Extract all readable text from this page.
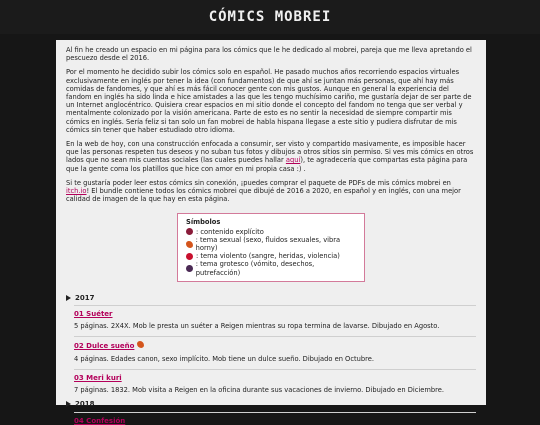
CÓMICS MOBREI

Al fin he creado un espacio en mi página para los cómics que le he dedicado al mobrei, pareja que me lleva apretando el pescuezo desde el 2016.

Por el momento he decidido subir los cómics solo en español. He pasado muchos años recorriendo espacios virtuales exclusivamente en inglés por tener la idea (con fundamentos) de que ahí se juntan más personas, que ahí hay más comidas de fandomes, y que ahí es más fácil conocer gente con mis gustos. Aunque en general la experiencia del fandom en inglés ha sido linda e hice amistades a las que les tengo muchísimo cariño, me gustaría dejar de ser parte de un Internet anglocéntrico. Quisiera crear espacios en mi sitio donde el concepto del fandom no tenga que ser verbal y mentalmente colonizado por la visión americana. Parte de esto es no sentir la necesidad de siempre compartir mis cómics en inglés. Sería feliz si tan solo un fan mobrei de habla hispana llegase a este sitio y pudiera disfrutar de mis cómics sin tener que haber estudiado otro idioma.

En la web de hoy, con una construcción enfocada a consumir, ser visto y compartido masivamente, es imposible hacer que las personas respeten tus deseos y no suban tus fotos y dibujos a otros sitios sin permiso. Si ves mis cómics en otros lados que no sean mis cuentas sociales (las cuales puedes hallar aquí), te agradecería que compartas esta página para que la gente coma los platillos que hice con amor en mi propia casa :) .

Si te gustaría poder leer estos cómics sin conexión, ¡puedes comprar el paquete de PDFs de mis cómics mobrei en itch.io! El bundle contiene todos los cómics mobrei que dibujé de 2016 a 2020, en español y en inglés, con una mejor calidad de imagen de la que hay en esta página.

Símbolos
: contenido explícito
: tema sexual (sexo, fluidos sexuales, vibra horny)
: tema violento (sangre, heridas, violencia)
: tema grotesco (vómito, desechos, putrefacción)
2017
01 Suéter
5 páginas. 2X4X. Mob le presta un suéter a Reigen mientras su ropa termina de lavarse. Dibujado en Agosto.
02 Dulce sueño
4 páginas. Edades canon, sexo implícito. Mob tiene un dulce sueño. Dibujado en Octubre.
03 Meri kuri
7 páginas. 1832. Mob visita a Reigen en la oficina durante sus vacaciones de invierno. Dibujado en Diciembre.
2018
04 Confesión
